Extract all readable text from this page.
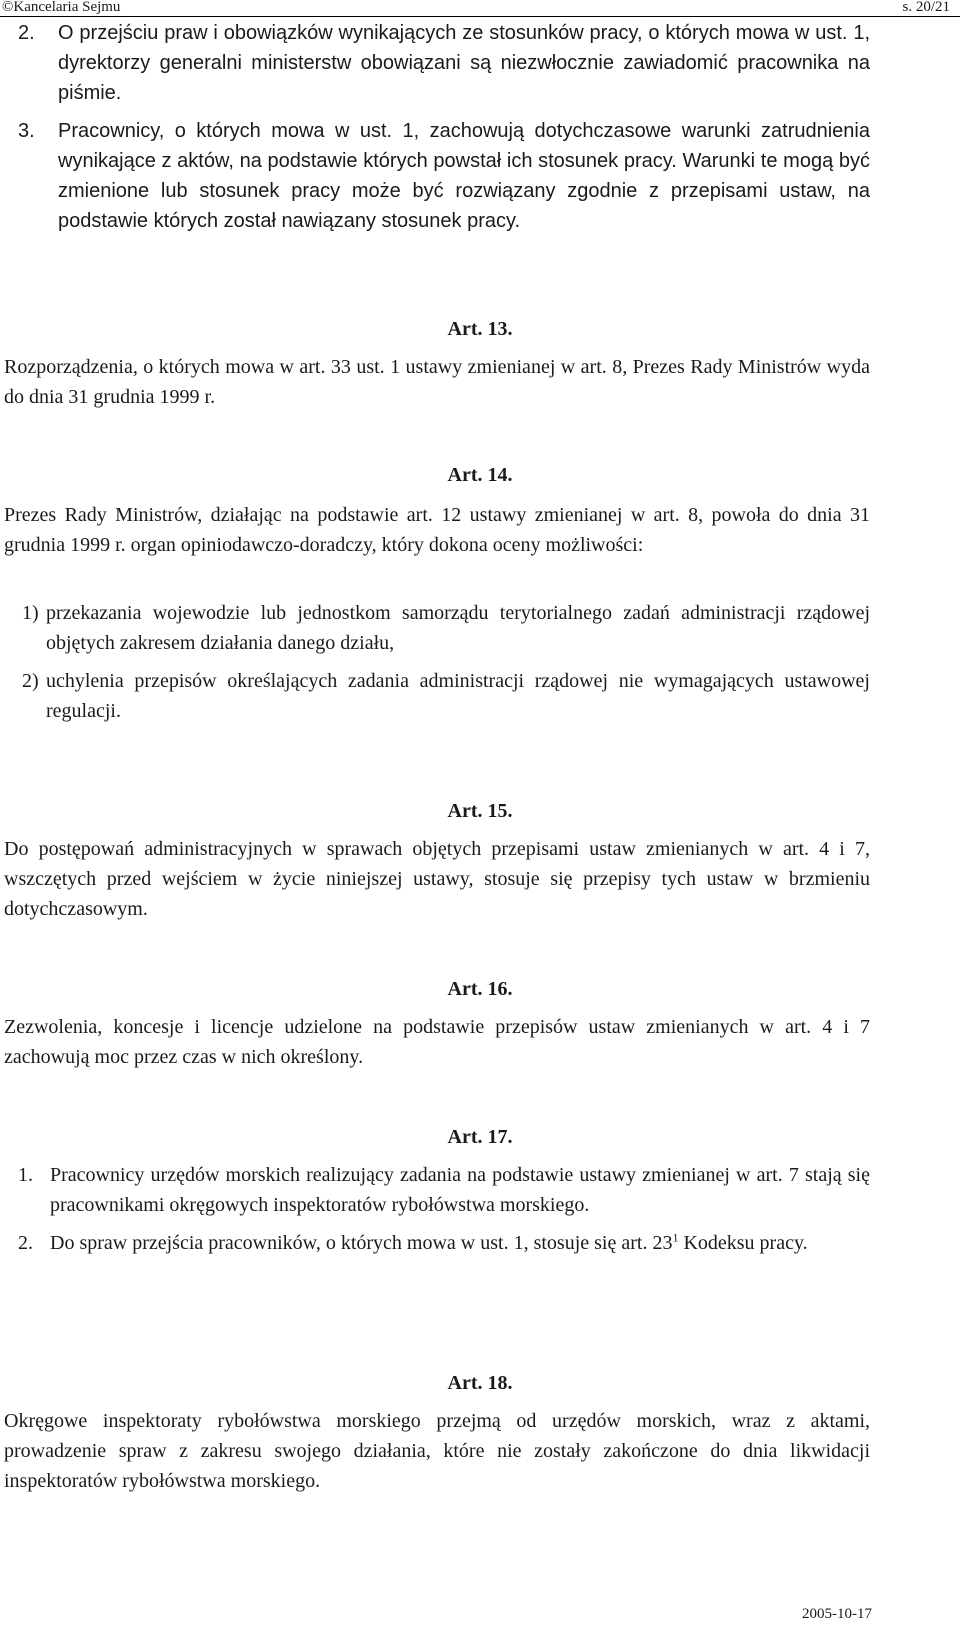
©Kancelaria Sejmu	s. 20/21
2.	O przejściu praw i obowiązków wynikających ze stosunków pracy, o których mowa w ust. 1, dyrektorzy generalni ministerstw obowiązani są niezwłocznie zawiadomić pracownika na piśmie.
3.	Pracownicy, o których mowa w ust. 1, zachowują dotychczasowe warunki zatrudnienia wynikające z aktów, na podstawie których powstał ich stosunek pracy. Warunki te mogą być zmienione lub stosunek pracy może być rozwiązany zgodnie z przepisami ustaw, na podstawie których został nawiązany stosunek pracy.
Art. 13.
Rozporządzenia, o których mowa w art. 33 ust. 1 ustawy zmienianej w art. 8, Prezes Rady Ministrów wyda do dnia 31 grudnia 1999 r.
Art. 14.
Prezes Rady Ministrów, działając na podstawie art. 12 ustawy zmienianej w art. 8, powoła do dnia 31 grudnia 1999 r. organ opiniodawczo-doradczy, który dokona oceny możliwości:
1) przekazania wojewodzie lub jednostkom samorządu terytorialnego zadań administracji rządowej objętych zakresem działania danego działu,
2) uchylenia przepisów określających zadania administracji rządowej nie wymagających ustawowej regulacji.
Art. 15.
Do postępowań administracyjnych w sprawach objętych przepisami ustaw zmienianych w art. 4 i 7, wszczętych przed wejściem w życie niniejszej ustawy, stosuje się przepisy tych ustaw w brzmieniu dotychczasowym.
Art. 16.
Zezwolenia, koncesje i licencje udzielone na podstawie przepisów ustaw zmienianych w art. 4 i 7 zachowują moc przez czas w nich określony.
Art. 17.
1. Pracownicy urzędów morskich realizujący zadania na podstawie ustawy zmienianej w art. 7 stają się pracownikami okręgowych inspektoratów rybołówstwa morskiego.
2. Do spraw przejścia pracowników, o których mowa w ust. 1, stosuje się art. $23^1$ Kodeksu pracy.
Art. 18.
Okręgowe inspektoraty rybołówstwa morskiego przejmą od urzędów morskich, wraz z aktami, prowadzenie spraw z zakresu swojego działania, które nie zostały zakończone do dnia likwidacji inspektoratów rybołówstwa morskiego.
2005-10-17
